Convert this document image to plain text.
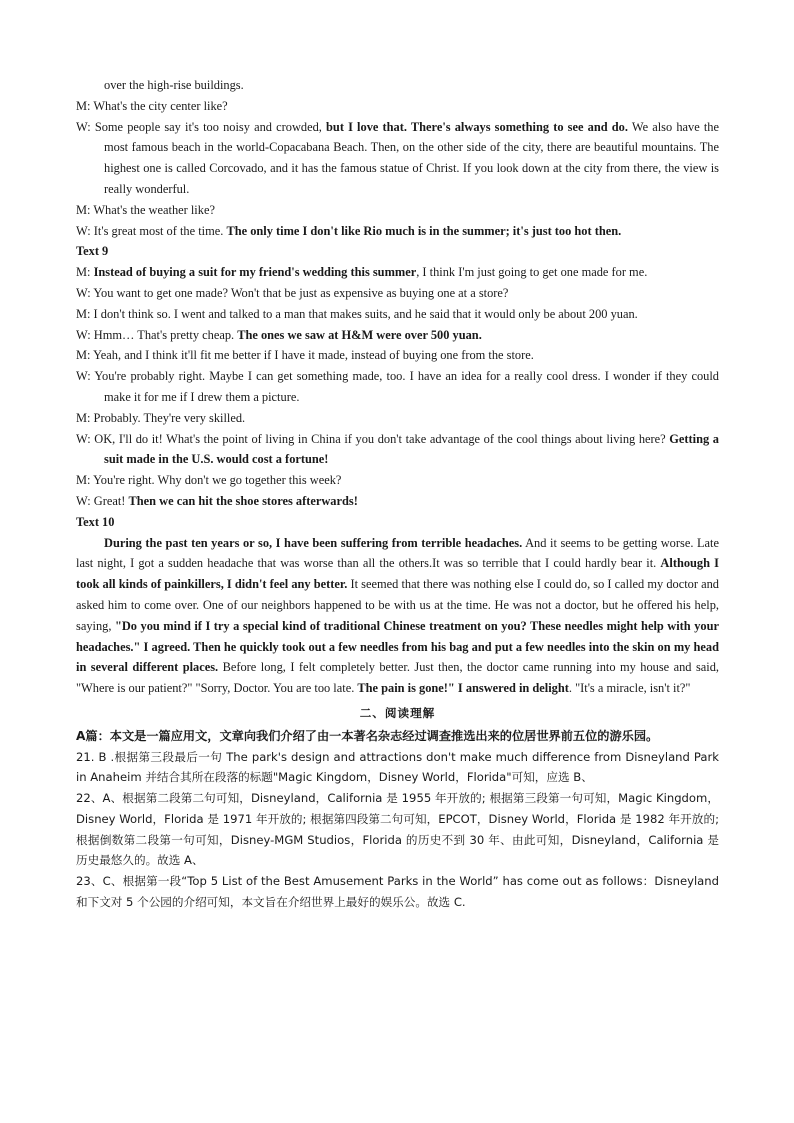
over the high-rise buildings.
M: What's the city center like?
W: Some people say it's too noisy and crowded, but I love that. There's always something to see and do. We also have the most famous beach in the world-Copacabana Beach. Then, on the other side of the city, there are beautiful mountains. The highest one is called Corcovado, and it has the famous statue of Christ. If you look down at the city from there, the view is really wonderful.
M: What's the weather like?
W: It's great most of the time. The only time I don't like Rio much is in the summer; it's just too hot then.
Text 9
M: Instead of buying a suit for my friend's wedding this summer, I think I'm just going to get one made for me.
W: You want to get one made? Won't that be just as expensive as buying one at a store?
M: I don't think so. I went and talked to a man that makes suits, and he said that it would only be about 200 yuan.
W: Hmm… That's pretty cheap. The ones we saw at H&M were over 500 yuan.
M: Yeah, and I think it'll fit me better if I have it made, instead of buying one from the store.
W: You're probably right. Maybe I can get something made, too. I have an idea for a really cool dress. I wonder if they could make it for me if I drew them a picture.
M: Probably. They're very skilled.
W: OK, I'll do it! What's the point of living in China if you don't take advantage of the cool things about living here? Getting a suit made in the U.S. would cost a fortune!
M: You're right. Why don't we go together this week?
W: Great! Then we can hit the shoe stores afterwards!
Text 10
During the past ten years or so, I have been suffering from terrible headaches. And it seems to be getting worse. Late last night, I got a sudden headache that was worse than all the others.It was so terrible that I could hardly bear it. Although I took all kinds of painkillers, I didn't feel any better. It seemed that there was nothing else I could do, so I called my doctor and asked him to come over. One of our neighbors happened to be with us at the time. He was not a doctor, but he offered his help, saying, "Do you mind if I try a special kind of traditional Chinese treatment on you? These needles might help with your headaches." I agreed. Then he quickly took out a few needles from his bag and put a few needles into the skin on my head in several different places. Before long, I felt completely better. Just then, the doctor came running into my house and said, "Where is our patient?" "Sorry, Doctor. You are too late. The pain is gone!" I answered in delight. "It's a miracle, isn't it?"
二、阅读理解
A篇：本文是一篇应用文，文章向我们介绍了由一本著名杂志经过调查推选出来的位居世界前五位的游乐园。
21. B .根据第三段最后一句 The park's design and attractions don't make much difference from Disneyland Park in Anaheim 并结合其所在段落的标题"Magic Kingdom，Disney World，Florida"可知，应选 B、
22、A、根据第二段第二句可知，Disneyland，California 是 1955 年开放的; 根据第三段第一句可知，Magic Kingdom，Disney World，Florida 是 1971 年开放的; 根据第四段第二句可知，EPCOT，Disney World，Florida 是 1982 年开放的; 根据倒数第二段第一句可知，Disney-MGM Studios，Florida 的历史不到 30 年、由此可知，Disneyland，California 是历史最悠久的。故选 A、
23、C、根据第一段“Top 5 List of the Best Amusement Parks in the World” has come out as follows：Disneyland 和下文对 5 个公园的介绍可知，本文旨在介绍世界上最好的娱乐公。故选 C.
